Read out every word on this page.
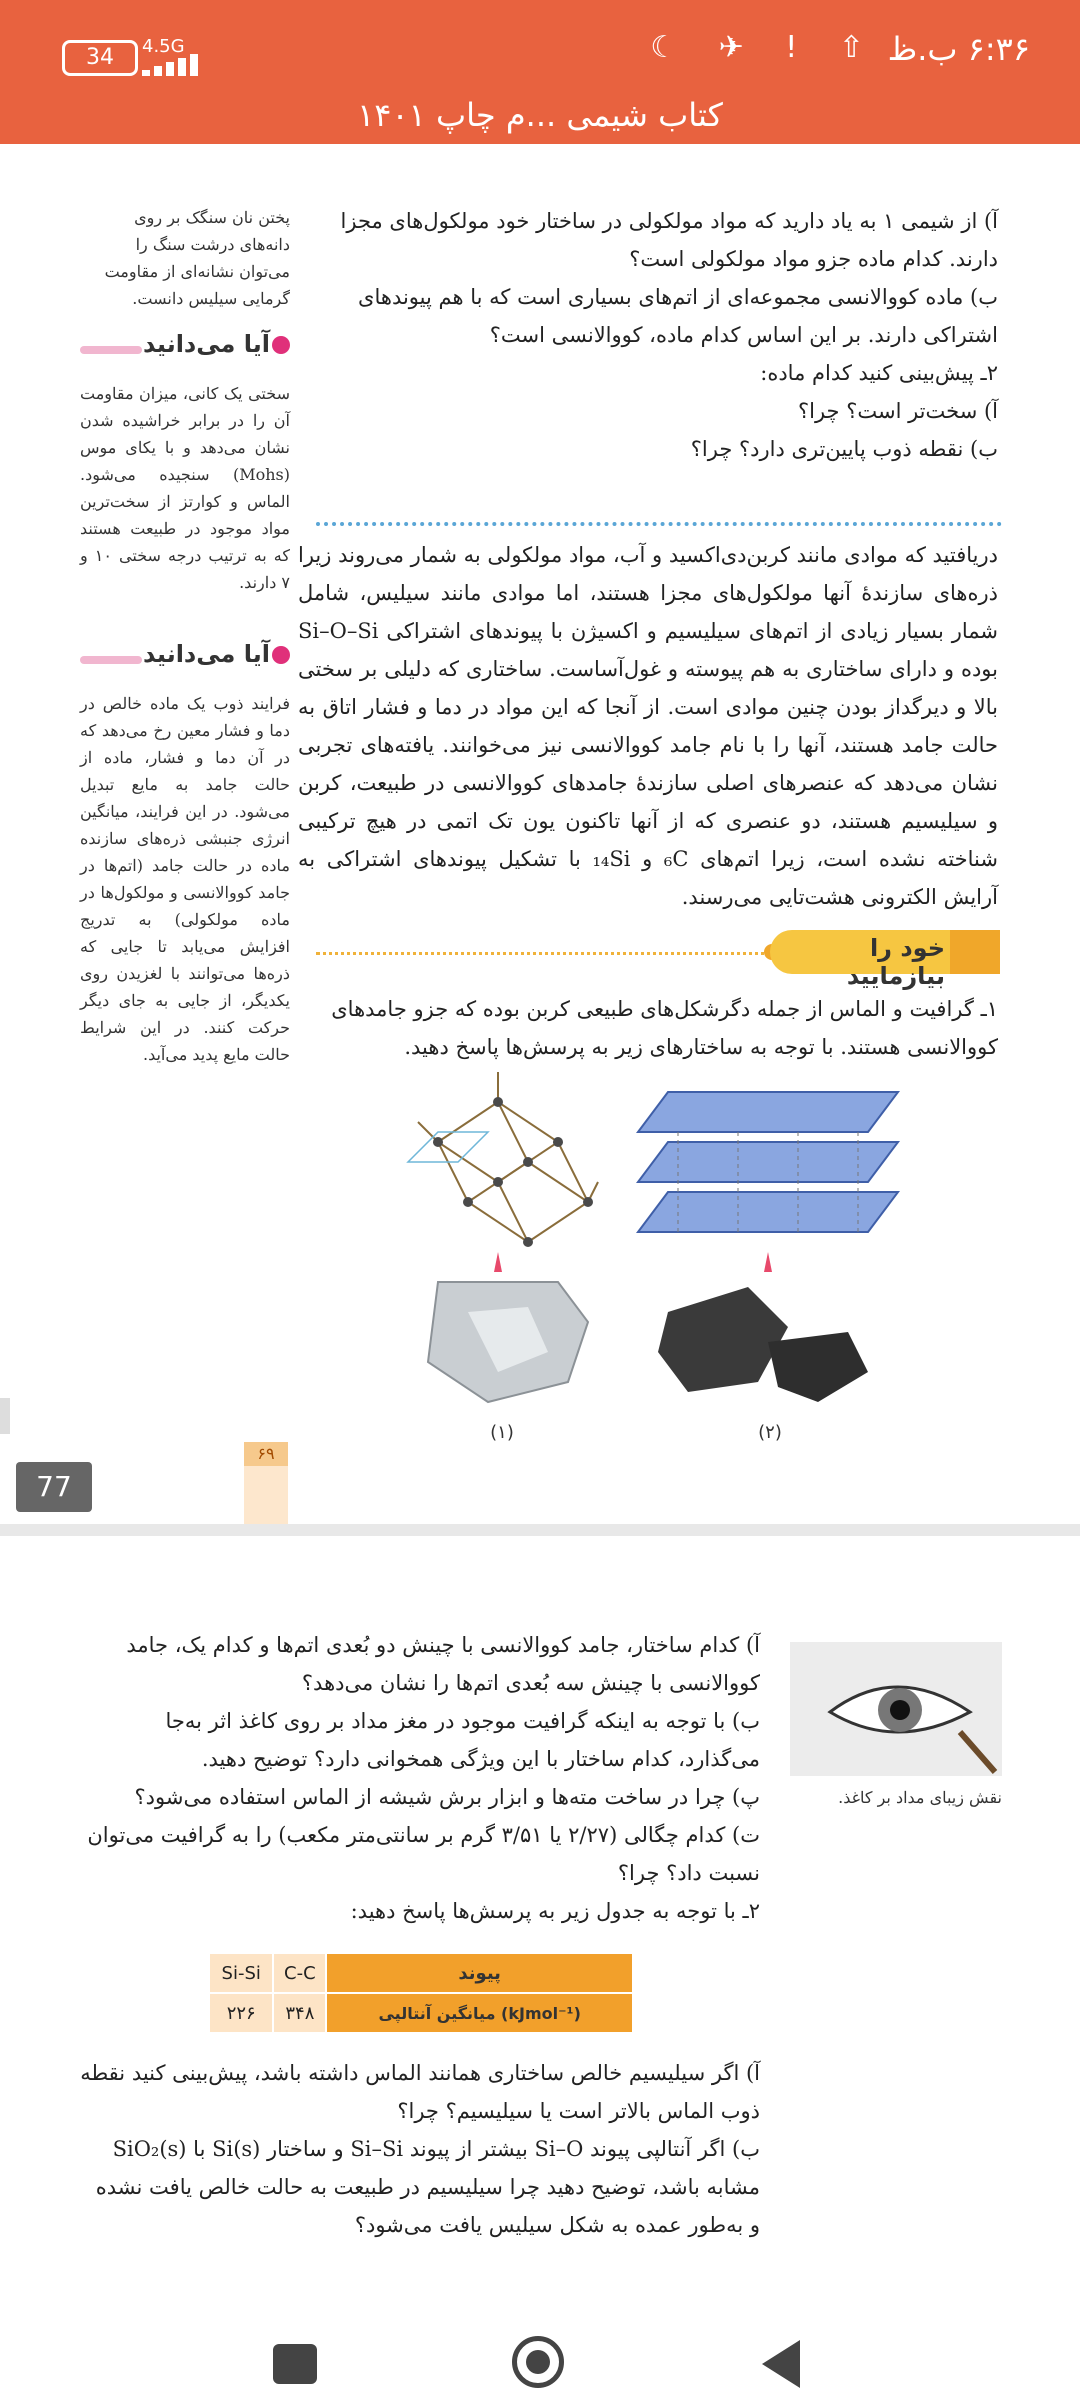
۶:۳۶ ب.ظ
☾ ✈ ! ⇧
34	4.5G
کتاب شیمی ...م چاپ ۱۴۰۱
پختن نان سنگک بر روی دانه‌های درشت سنگ را می‌توان نشانه‌ای از مقاومت گرمایی سیلیس دانست.
آیا می‌دانید
سختی یک کانی، میزان مقاومت آن را در برابر خراشیده شدن نشان می‌دهد و با یکای موس (Mohs) سنجیده می‌شود. الماس و کوارتز از سخت‌ترین مواد موجود در طبیعت هستند که به ترتیب درجه سختی ۱۰ و ۷ دارند.
آیا می‌دانید
فرایند ذوب یک ماده خالص در دما و فشار معین رخ می‌دهد که در آن دما و فشار، ماده از حالت جامد به مایع تبدیل می‌شود. در این فرایند، میانگین انرژی جنبشی ذره‌های سازنده ماده در حالت جامد (اتم‌ها در جامد کووالانسی و مولکول‌ها در ماده مولکولی) به تدریج افزایش می‌یابد تا جایی که ذره‌ها می‌توانند با لغزیدن روی یکدیگر، از جایی به جای دیگر حرکت کنند. در این شرایط حالت مایع پدید می‌آید.
آ) از شیمی ۱ به یاد دارید که مواد مولکولی در ساختار خود مولکول‌های مجزا دارند. کدام ماده جزو مواد مولکولی است؟
ب) ماده کووالانسی مجموعه‌ای از اتم‌های بسیاری است که با هم پیوندهای اشتراکی دارند. بر این اساس کدام ماده، کووالانسی است؟
۲ـ پیش‌بینی کنید کدام ماده:
آ) سخت‌تر است؟ چرا؟
ب) نقطه ذوب پایین‌تری دارد؟ چرا؟
دریافتید که موادی مانند کربن‌دی‌اکسید و آب، مواد مولکولی به شمار می‌روند زیرا ذره‌های سازندهٔ آنها مولکول‌های مجزا هستند، اما موادی مانند سیلیس، شامل شمار بسیار زیادی از اتم‌های سیلیسیم و اکسیژن با پیوندهای اشتراکی Si–O–Si بوده و دارای ساختاری به هم پیوسته و غول‌آساست. ساختاری که دلیلی بر سختی بالا و دیرگداز بودن چنین موادی است. از آنجا که این مواد در دما و فشار اتاق به حالت جامد هستند، آنها را با نام جامد کووالانسی نیز می‌خوانند. یافته‌های تجربی نشان می‌دهد که عنصرهای اصلی سازندهٔ جامدهای کووالانسی در طبیعت، کربن و سیلیسیم هستند، دو عنصری که از آنها تاکنون یون تک اتمی در هیچ ترکیبی شناخته نشده است، زیرا اتم‌های ₆C و ₁₄Si با تشکیل پیوندهای اشتراکی به آرایش الکترونی هشت‌تایی می‌رسند.
خود را بیازمایید
۱ـ گرافیت و الماس از جمله دگرشکل‌های طبیعی کربن بوده که جزو جامدهای کووالانسی هستند. با توجه به ساختارهای زیر به پرسش‌ها پاسخ دهید.
(۱)	(۲)
۶۹
77
آ) کدام ساختار، جامد کووالانسی با چینش دو بُعدی اتم‌ها و کدام یک، جامد کووالانسی با چینش سه بُعدی اتم‌ها را نشان می‌دهد؟
ب) با توجه به اینکه گرافیت موجود در مغز مداد بر روی کاغذ اثر به‌جا می‌گذارد، کدام ساختار با این ویژگی همخوانی دارد؟ توضیح دهید.
پ) چرا در ساخت مته‌ها و ابزار برش شیشه از الماس استفاده می‌شود؟
ت) کدام چگالی (۲/۲۷ یا ۳/۵۱ گرم بر سانتی‌متر مکعب) را به گرافیت می‌توان نسبت داد؟ چرا؟
۲ـ با توجه به جدول زیر به پرسش‌ها پاسخ دهید:
نقش زیبای مداد بر کاغذ.
Si-Si	C-C	پیوند
۲۲۶	۳۴۸	میانگین آنتالپی (kJmol⁻¹)
آ) اگر سیلیسیم خالص ساختاری همانند الماس داشته باشد، پیش‌بینی کنید نقطه ذوب الماس بالاتر است یا سیلیسیم؟ چرا؟
ب) اگر آنتالپی پیوند Si–O بیشتر از پیوند Si–Si و ساختار Si(s) با SiO₂(s) مشابه باشد، توضیح دهید چرا سیلیسیم در طبیعت به حالت خالص یافت نشده و به‌طور عمده به شکل سیلیس یافت می‌شود؟
